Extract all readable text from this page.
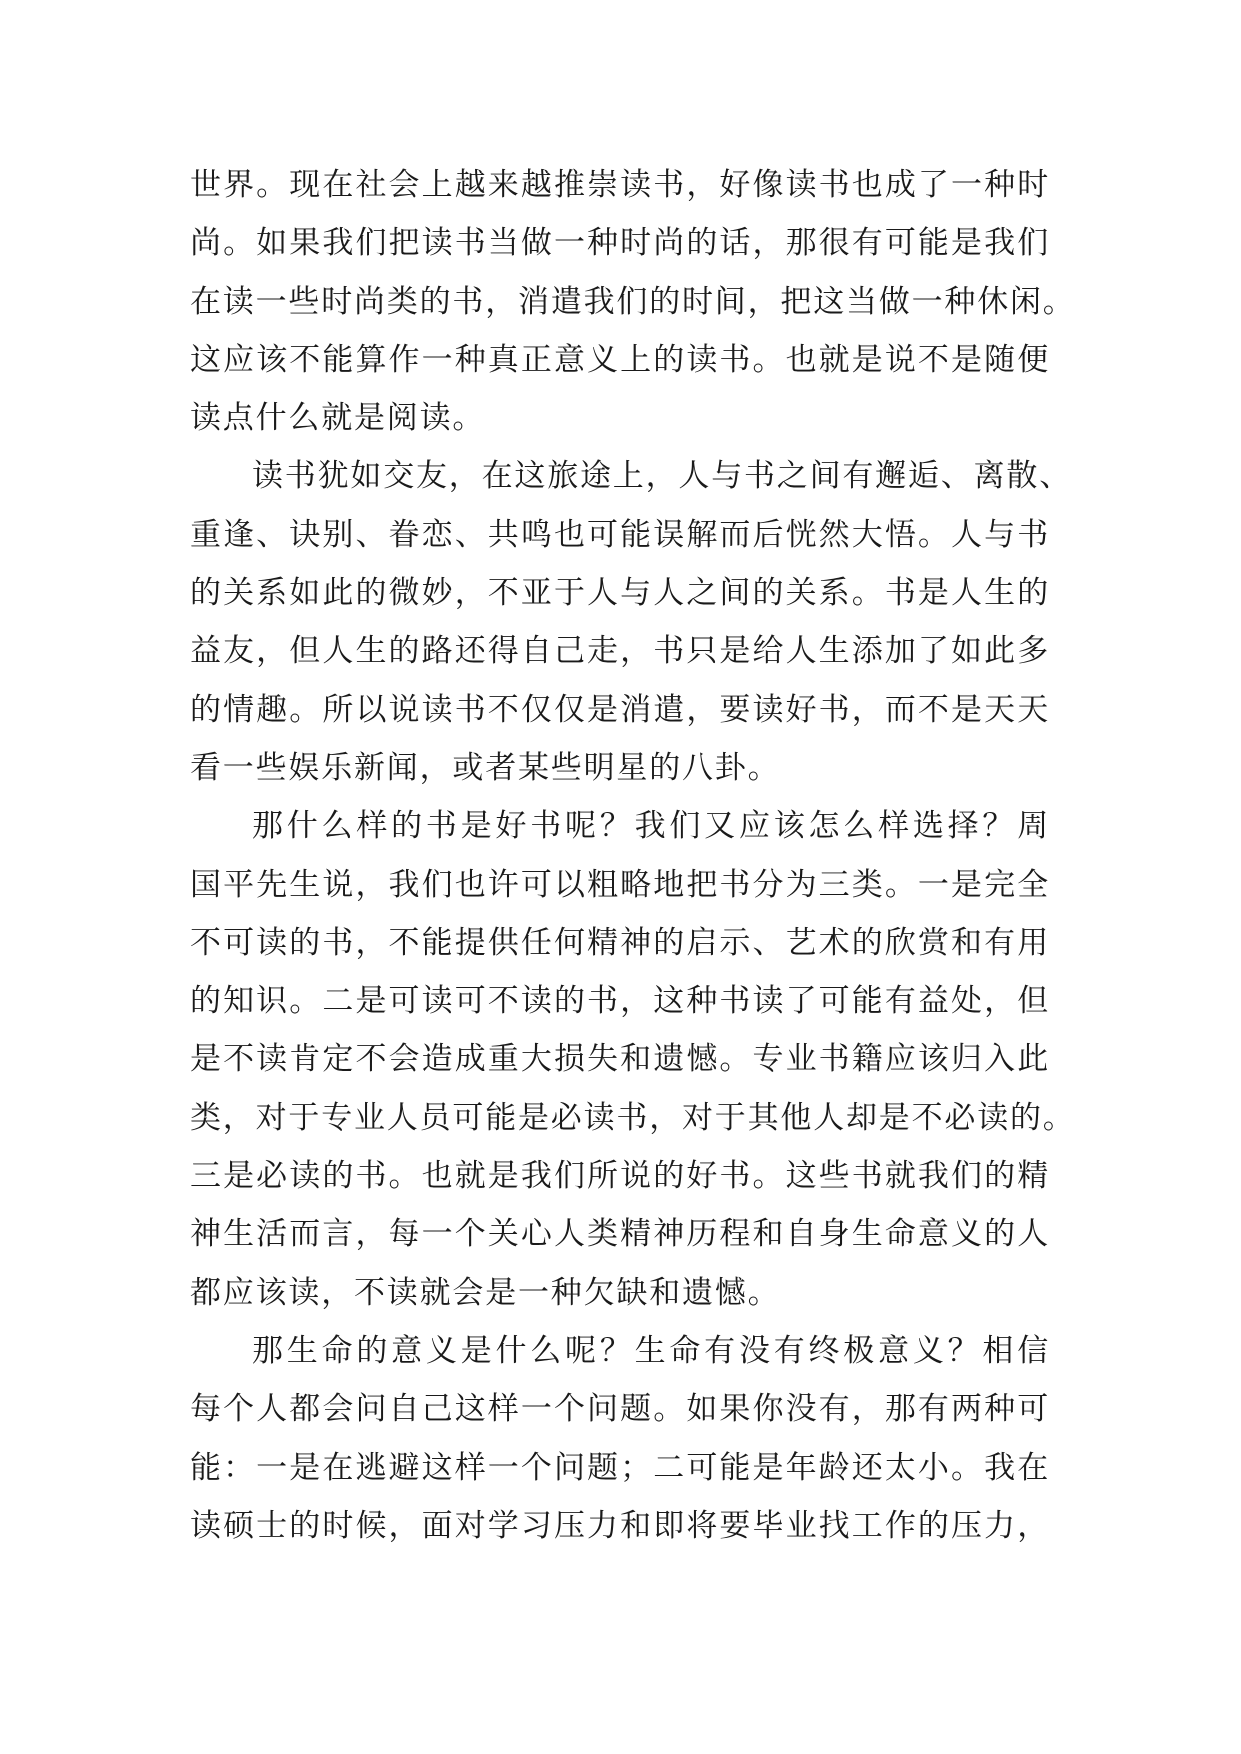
世界。现在社会上越来越推崇读书，好像读书也成了一种时
尚。如果我们把读书当做一种时尚的话，那很有可能是我们
在读一些时尚类的书，消遣我们的时间，把这当做一种休闲。
这应该不能算作一种真正意义上的读书。也就是说不是随便
读点什么就是阅读。
读书犹如交友，在这旅途上，人与书之间有邂逅、离散、
重逢、诀别、眷恋、共鸣也可能误解而后恍然大悟。人与书
的关系如此的微妙，不亚于人与人之间的关系。书是人生的
益友，但人生的路还得自己走，书只是给人生添加了如此多
的情趣。所以说读书不仅仅是消遣，要读好书，而不是天天
看一些娱乐新闻，或者某些明星的八卦。
那什么样的书是好书呢？我们又应该怎么样选择？周
国平先生说，我们也许可以粗略地把书分为三类。一是完全
不可读的书，不能提供任何精神的启示、艺术的欣赏和有用
的知识。二是可读可不读的书，这种书读了可能有益处，但
是不读肯定不会造成重大损失和遗憾。专业书籍应该归入此
类，对于专业人员可能是必读书，对于其他人却是不必读的。
三是必读的书。也就是我们所说的好书。这些书就我们的精
神生活而言，每一个关心人类精神历程和自身生命意义的人
都应该读，不读就会是一种欠缺和遗憾。
那生命的意义是什么呢？生命有没有终极意义？相信
每个人都会问自己这样一个问题。如果你没有，那有两种可
能：一是在逃避这样一个问题；二可能是年龄还太小。我在
读硕士的时候，面对学习压力和即将要毕业找工作的压力，
